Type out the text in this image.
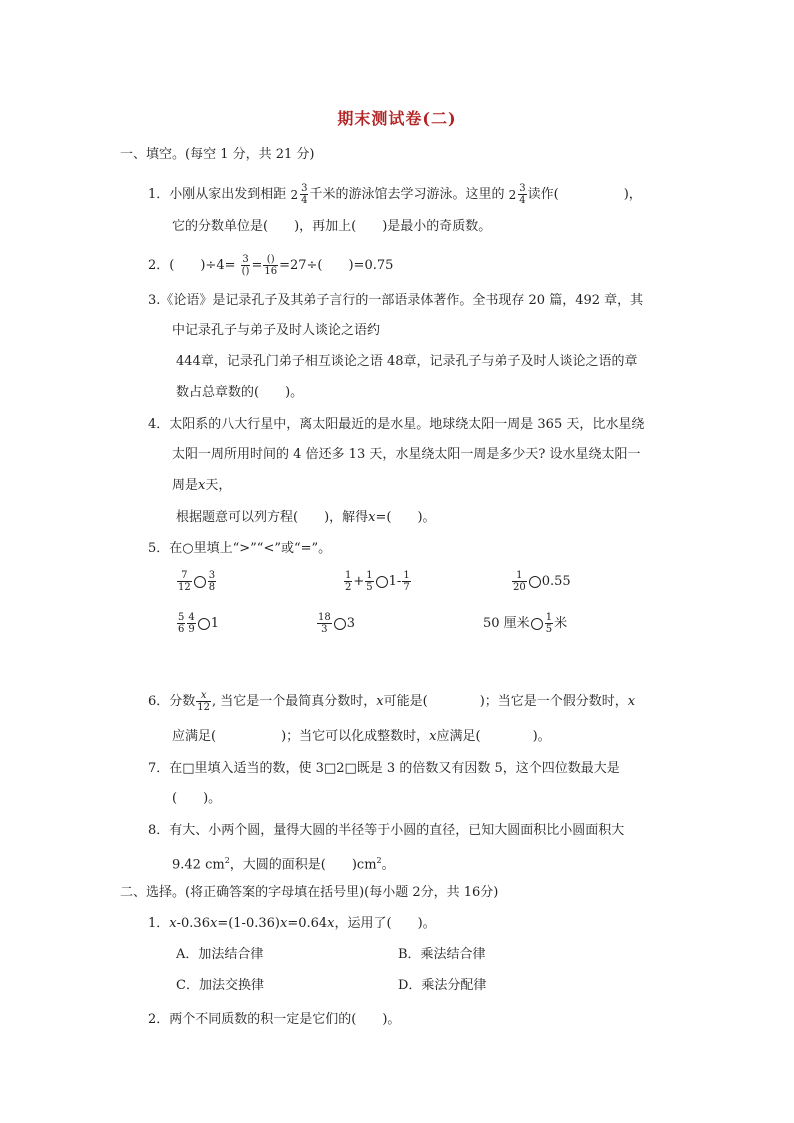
期末测试卷(二)
一、填空。(每空 1 分，共 21 分)
1．小刚从家出发到相距 $2 \frac{3}{4}$ 千米的游泳馆去学习游泳。这里的 $2 \frac{3}{4}$ 读作(　　　　　)，
它的分数单位是(　　)，再加上(　　)是最小的奇质数。
2．(　　)$\div 4= \frac{3}{()} = \frac{()}{16} =27\div$(　　)=0.75
3.《论语》是记录孔子及其弟子言行的一部语录体著作。全书现存 20 篇，492 章，其
中记录孔子与弟子及时人谈论之语约
444章，记录孔门弟子相互谈论之语 48章，记录孔子与弟子及时人谈论之语的章
数占总章数的(　　)。
4．太阳系的八大行星中，离太阳最近的是水星。地球绕太阳一周是 365 天，比水星绕
太阳一周所用时间的 4 倍还多 13 天，水星绕太阳一周是多少天? 设水星绕太阳一
周是x天，
根据题意可以列方程(　　)，解得x=(　　)。
5．在○里填上“>”“<”或“=”。
$\frac{7}{12} \frac{3}{8}$	$\frac{1}{2} + \frac{1}{5} 1- \frac{1}{7}$	$\frac{1}{20} 0.55$
$\frac{5}{6} \frac{4}{9} 1$	$\frac{18}{3} 3$	50 厘米 $\frac{1}{5}$ 米
6．分数 $\frac{x}{12}$ , 当它是一个最简真分数时，x可能是(　　　　)；当它是一个假分数时，x
应满足(　　　　　)；当它可以化成整数时，x应满足(　　　　)。
7．在□里填入适当的数，使 3□2□既是 3 的倍数又有因数 5，这个四位数最大是
(　　)。
8．有大、小两个圆，量得大圆的半径等于小圆的直径，已知大圆面积比小圆面积大
9.42 $cm^2$，大圆的面积是(　　)$cm^2$。
二、选择。(将正确答案的字母填在括号里)(每小题 2分，共 16分)
1．x-0.36x=(1-0.36)x=0.64x，运用了(　　)。
A．加法结合律	B．乘法结合律
C．加法交换律	D．乘法分配律
2．两个不同质数的积一定是它们的(　　)。
